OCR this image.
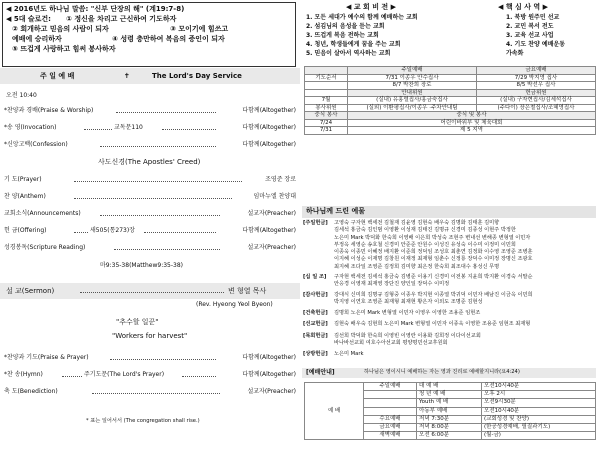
◀ 2016년도 하나님 말씀: "신부 단장의 해" (계19:7-8)
◀ 5대 슬로건: ① 정신을 차리고 근신하여 기도하자
② 회개하고 믿음의 사람이 되자	③ 모이기에 힘쓰고
예배에 승리하자	④ 성령 충만하여 복음의 증인이 되자
⑤ 뜨겁게 사랑하고 힘써 봉사하자
주 일 예 배	✝	The Lord's Day Service
오전 10:40
*찬양과 경배(Praise & Worship)	다함께(Altogether)
*송 영(Invocation)	교독문110	다함께(Altogether)
*신앙고백(Confession)	다함께(Altogether)
사도신경(The Apostles' Creed)
기 도(Prayer)	조영준 장로
찬 양(Anthem)	임마누엘 찬양대
교회소식(Announcements)	설교자(Preacher)
헌 금(Offering)	새505(통273)장	다함께(Altogether)
성경봉독(Scripture Reading)	설교자(Preacher)
마9:35-38(Matthew9:35-38)
설 교(Sermon)	변 형열 목사
(Rev. Hyeong Yeol Byeon)
"추수할 일꾼"
"Workers for harvest"
*찬양과 기도(Praise & Prayer)	다함께(Altogether)
*찬 송(Hymn)	주기도문(The Lord's Prayer)	다함께(Altogether)
축 도(Benediction)	설교자(Preacher)
* 표는 일어서서 (The congregation shall rise.)
◀ 교 회 비 전 ▶
1. 모든 세대가 예수의 함께 예배하는 교회
2. 섬김님의 음성을 듣는 교회
3. 뜨겁게 복음 전하는 교회
4. 청년, 학생들에게 꿈을 주는 교회
5. 믿음이 살아서 역사하는 교회
◀ 핵 심 사 역 ▶
1. 북방 원주민 선교
2. 교민 복서 전도
3. 교육 선교 사업
4. 기도 찬양 예배운동
가속화
	주일예배	금요예배
기도순서	7/31 이종우 안수집사	7/29 박지영 집사
	8/7 박찬희 장로	8/5 박선우 집사
	안내위원	헌금위원
7월	(실내) 유홍렬집사/홍금숙집사	(실내) 구자현집사/김세석집사
봉사위원	(실외) 이환평집사/이종우 ·주차안내팀	(주다이) 장은철집사/조혜영집사
중식 봉사	중식 및 봉사	
7/24	어린이바위부 및 체육대회	
7/31	제 5 지역	
하나님께 드린 예물
[주일헌금]	고영숙 구자현 백세전 김철재 김윤영 김현숙 배우숙 김명화 김태훈 김미향
김세석 홍금숙 김인범 이영환 이성재 김태진 김명규 신경미 김종성 이현주 박정한
노은미 Mark 박덕화 한숙희 이영배 이은희 박성숙 조현주 변내선 변해종 변형열 이민자
부정옥 세영순 송호철 신경미 안준준 안원수 이성진 유성숙 이수미 이정미 이민희
이종욱 이종민 이혜정 배지환 이준희 정덕임 조성호 최춘연 김정화 이수영 조영준 조병훈
이지혜 이성순 이재명 김창원 이재정 최재형 임춘수 신정룡 장덕수 이미정 장명신 조광호
최지혜 조다일 조영준 김정희 김미향 최은정 한숙희 최조대수 홍성신 무명
[십 일 조]	구자현 백세전 김세석 홍금숙 김병준 이용기 신경미 이전봉 지윤희 박지환 이경숙 서말순
안응경 이영재 최재영 장단진 양인일 장덕수 이미정
[감사헌금]	강대식 신미희 김명규 김형중 이종우 박지현 이종열 박귀덕 이민자 배남진 이금옥 이민희
박지영 이연호 조영준 최재형 최재현 황은자 이외도 조명준 김현성
[건축헌금]	김명희 노은미 Mark 변형열 이민자 이영우 이영한 조용준 임현조
[선교헌금]	김현숙 배우숙 김현희 노은미 Mark 변형열 이민자 이종욱 이영한 조용준 임현조 최재형
[목회헌금]	김선희 박덕화 한숙희 이영빈 이영란 이용화 김희정 이다이선교회
바나바선교회 여호수아선교회 평양평민선교후원회
[상방헌금]	노은미 Mark
[예배안내]	하나님은 영이시니 예배하는 자는 영과 진리로 예배할지니라(요4:24)
예 배	주일예배	대 예 배	오전10시40분
		청 년 예 배	오후 2시
		Youth 예 배	오전9시30분
		아동부 예배	오전10시40분
	수요예배	저녁 7:30분	(교회성경 및 찬양)
	금요예배	저녁 8:00분	(한공성경예배, 릴질과기도)
	새벽예배	오전 6:00분	(월-금)
